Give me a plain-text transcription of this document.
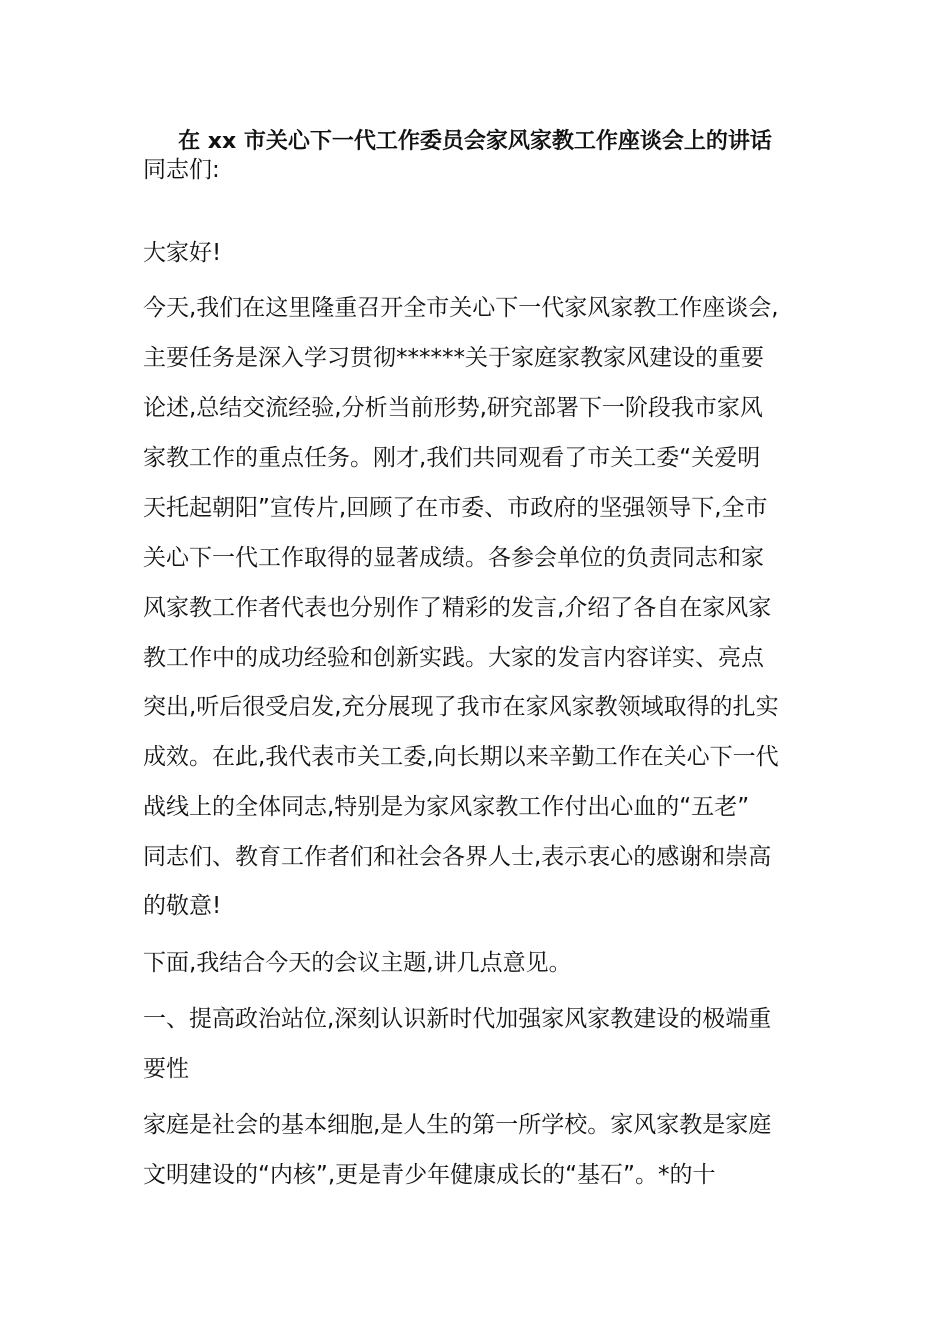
在 xx 市关心下一代工作委员会家风家教工作座谈会上的讲话
同志们:
大家好!
今天,我们在这里隆重召开全市关心下一代家风家教工作座谈会,
主要任务是深入学习贯彻******关于家庭家教家风建设的重要
论述,总结交流经验,分析当前形势,研究部署下一阶段我市家风
家教工作的重点任务。刚才,我们共同观看了市关工委“关爱明
天托起朝阳”宣传片,回顾了在市委、市政府的坚强领导下,全市
关心下一代工作取得的显著成绩。各参会单位的负责同志和家
风家教工作者代表也分别作了精彩的发言,介绍了各自在家风家
教工作中的成功经验和创新实践。大家的发言内容详实、亮点
突出,听后很受启发,充分展现了我市在家风家教领域取得的扎实
成效。在此,我代表市关工委,向长期以来辛勤工作在关心下一代
战线上的全体同志,特别是为家风家教工作付出心血的“五老”
同志们、教育工作者们和社会各界人士,表示衷心的感谢和崇高
的敬意!
下面,我结合今天的会议主题,讲几点意见。
一、提高政治站位,深刻认识新时代加强家风家教建设的极端重
要性
家庭是社会的基本细胞,是人生的第一所学校。家风家教是家庭
文明建设的“内核”,更是青少年健康成长的“基石”。*的十
